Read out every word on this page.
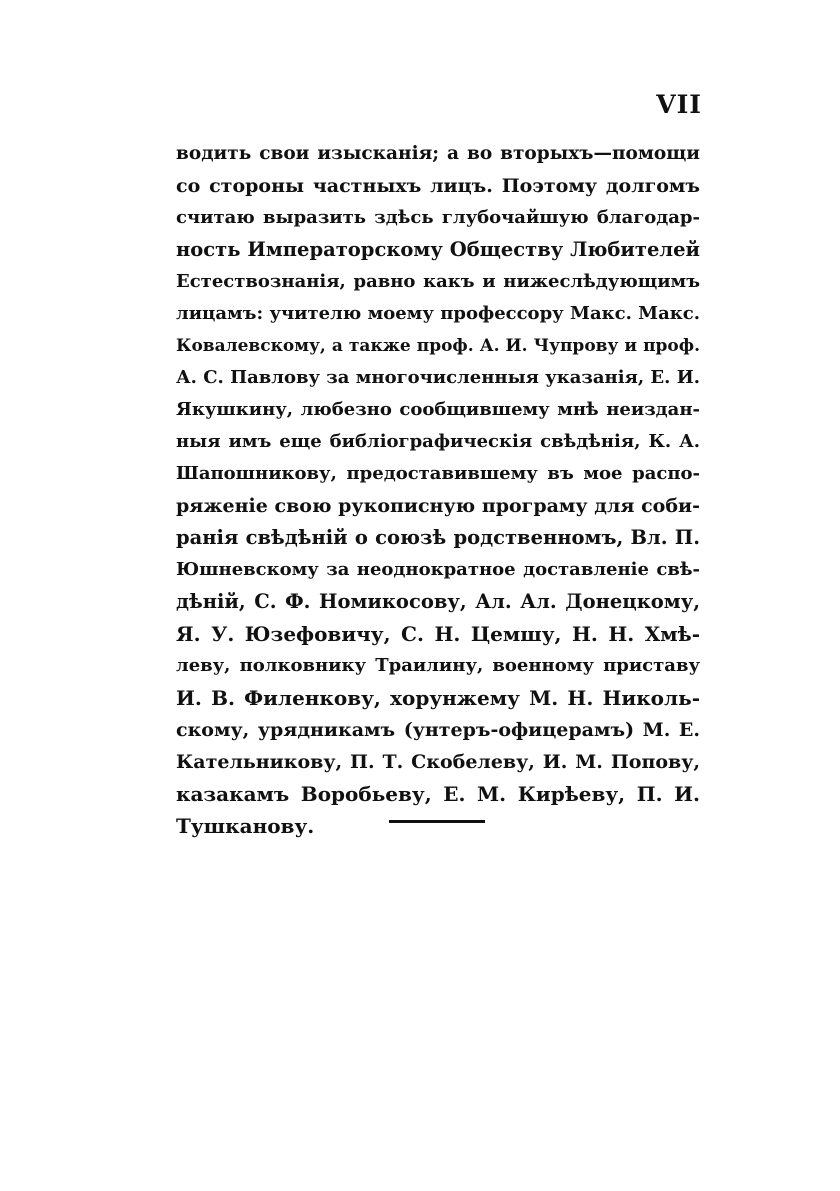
VII
водить свои изысканія; а во вторыхъ—помощи
со стороны частныхъ лицъ. Поэтому долгомъ
считаю выразить здѣсь глубочайшую благодар-
ность Императорскому Обществу Любителей
Естествознанія, равно какъ и нижеслѣдующимъ
лицамъ: учителю моему профессору Макс. Макс.
Ковалевскому, а также проф. А. И. Чупрову и проф.
А. С. Павлову за многочисленныя указанія, Е. И.
Якушкину, любезно сообщившему мнѣ неиздан-
ныя имъ еще библіографическія свѣдѣнія, К. А.
Шапошникову, предоставившему въ мое распо-
ряженіе свою рукописную програму для соби-
ранія свѣдѣній о союзѣ родственномъ, Вл. П.
Юшневскому за неоднократное доставленіе свѣ-
дѣній, С. Ф. Номикосову, Ал. Ал. Донецкому,
Я. У. Юзефовичу, С. Н. Цемшу, Н. Н. Хмѣ-
леву, полковнику Траилину, военному приставу
И. В. Филенкову, хорунжему М. Н. Николь-
скому, урядникамъ (унтеръ-офицерамъ) М. Е.
Кательникову, П. Т. Скобелеву, И. М. Попову,
казакамъ Воробьеву, Е. М. Кирѣеву, П. И.
Тушканову.
